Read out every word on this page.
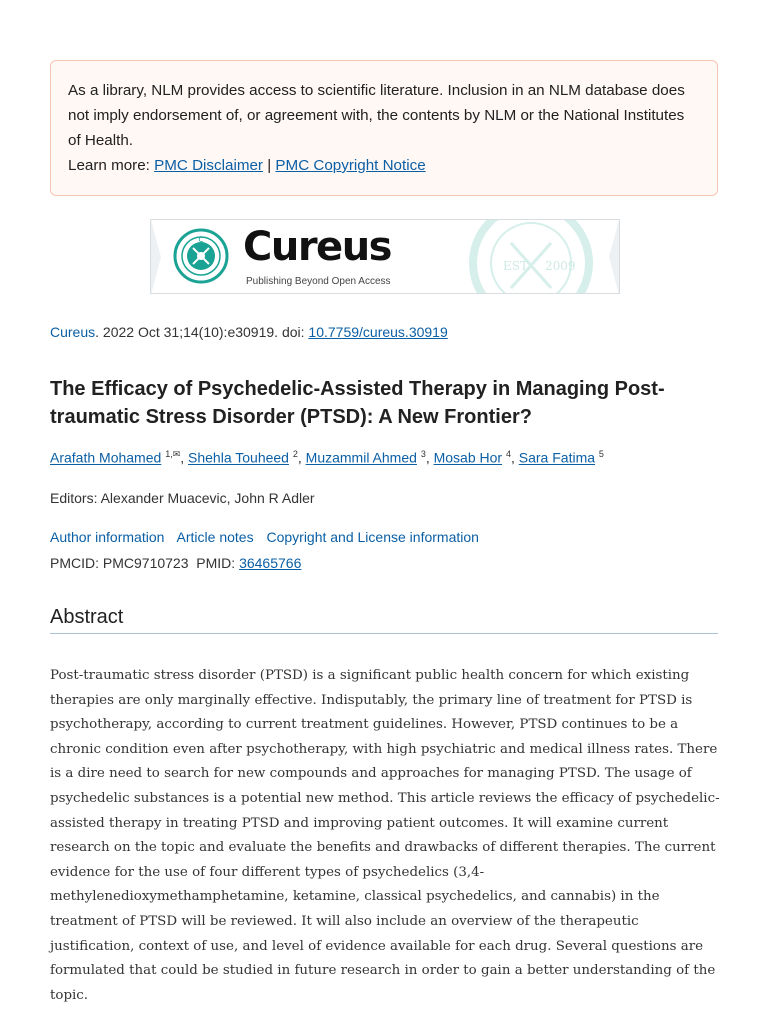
As a library, NLM provides access to scientific literature. Inclusion in an NLM database does not imply endorsement of, or agreement with, the contents by NLM or the National Institutes of Health.

Learn more: PMC Disclaimer | PMC Copyright Notice

C Cureus
Publishing Beyond Open Access
EST. 2009
Cureus. 2022 Oct 31;14(10):e30919. doi: 10.7759/cureus.30919
The Efficacy of Psychedelic-Assisted Therapy in Managing Post-traumatic Stress Disorder (PTSD): A New Frontier?
Arafath Mohamed $^{1,✉}$, Shehla Touheed $^2$, Muzammil Ahmed $^3$, Mosab Hor $^4$, Sara Fatima $^5$
Editors: Alexander Muacevic, John R Adler
Author information Article notes Copyright and License information
PMCID: PMC9710723 PMID: 36465766
Abstract

Post-traumatic stress disorder (PTSD) is a significant public health concern for which existing therapies are only marginally effective. Indisputably, the primary line of treatment for PTSD is psychotherapy, according to current treatment guidelines. However, PTSD continues to be a chronic condition even after psychotherapy, with high psychiatric and medical illness rates. There is a dire need to search for new compounds and approaches for managing PTSD. The usage of psychedelic substances is a potential new method. This article reviews the efficacy of psychedelic-assisted therapy in treating PTSD and improving patient outcomes. It will examine current research on the topic and evaluate the benefits and drawbacks of different therapies. The current evidence for the use of four different types of psychedelics (3,4-methylenedioxymethamphetamine, ketamine, classical psychedelics, and cannabis) in the treatment of PTSD will be reviewed. It will also include an overview of the therapeutic justification, context of use, and level of evidence available for each drug. Several questions are formulated that could be studied in future research in order to gain a better understanding of the topic.
